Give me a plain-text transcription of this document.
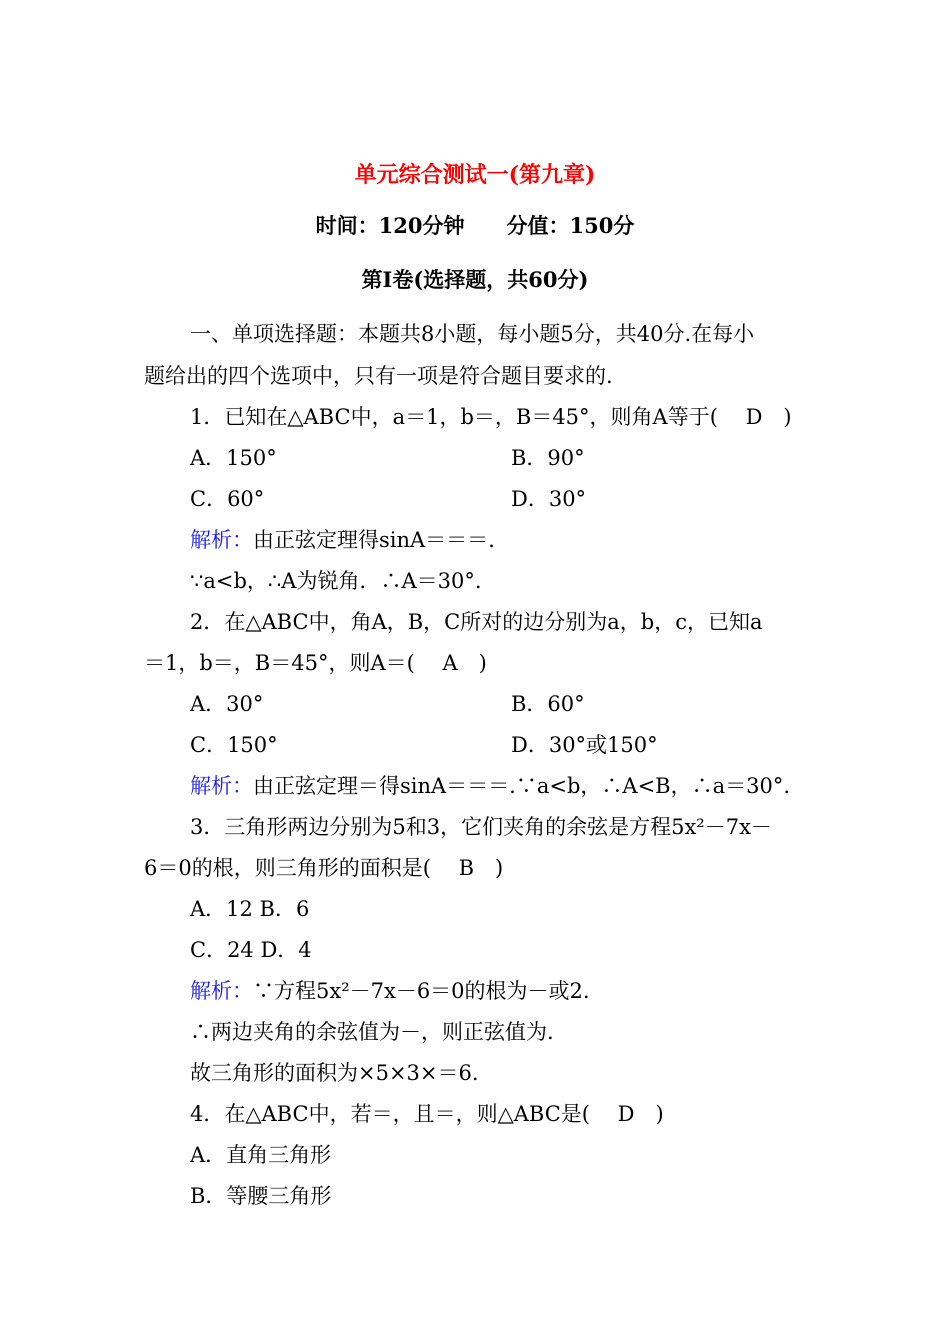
单元综合测试一(第九章)
时间：120分钟　　分值：150分
第Ⅰ卷(选择题，共60分)
一、单项选择题：本题共8小题，每小题5分，共40分.在每小
题给出的四个选项中，只有一项是符合题目要求的.
1．已知在△ABC中，a＝1，b＝，B＝45°，则角A等于(　 D　)
A．150°	B．90°
C．60°	D．30°
解析：由正弦定理得sinA＝＝＝.
∵a<b，∴A为锐角．∴A＝30°.
2．在△ABC中，角A，B，C所对的边分别为a，b，c，已知a
＝1，b＝，B＝45°，则A＝(　 A　)
A．30°	B．60°
C．150°	D．30°或150°
解析：由正弦定理＝得sinA＝＝＝.∵a<b，∴A<B，∴a＝30°.
3．三角形两边分别为5和3，它们夹角的余弦是方程5x²－7x－
6＝0的根，则三角形的面积是(　 B　)
A．12 B．6
C．24 D．4
解析：∵方程5x²－7x－6＝0的根为－或2.
∴两边夹角的余弦值为－，则正弦值为.
故三角形的面积为×5×3×＝6.
4．在△ABC中，若＝，且＝，则△ABC是(　 D　)
A．直角三角形
B．等腰三角形
